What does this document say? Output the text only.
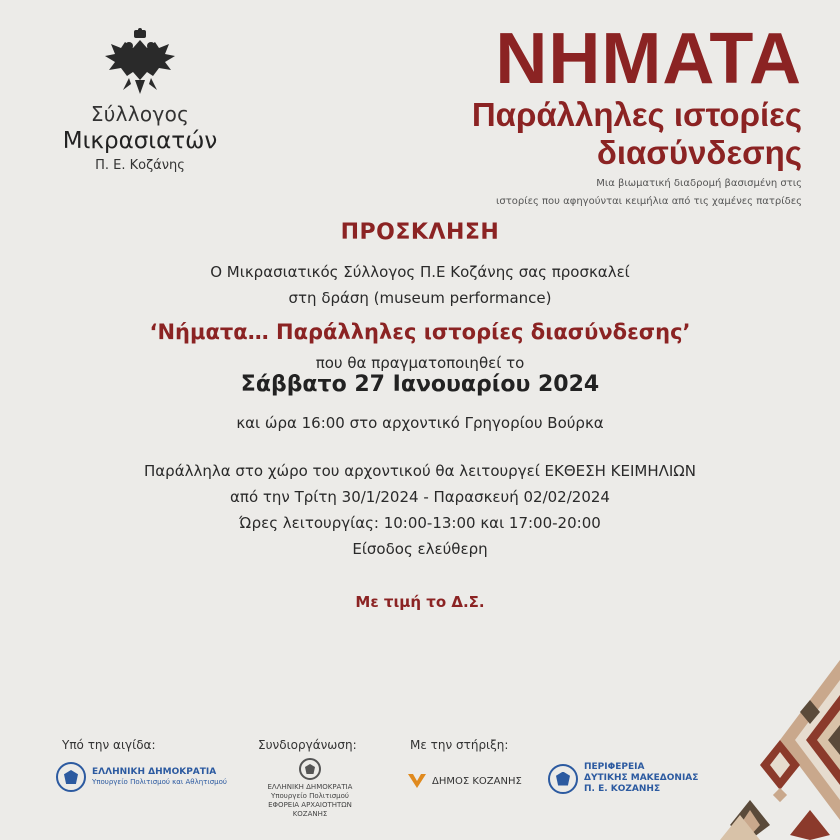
Σύλλογος
Μικρασιατών
Π. Ε. Κοζάνης
ΝΗΜΑΤΑ
Παράλληλες ιστορίες
διασύνδεσης
Μια βιωματική διαδρομή βασισμένη στις
ιστορίες που αφηγούνται κειμήλια από τις χαμένες πατρίδες
ΠΡΟΣΚΛΗΣΗ
Ο Μικρασιατικός Σύλλογος Π.Ε Κοζάνης σας προσκαλεί
στη δράση (museum performance)
‘Νήματα… Παράλληλες ιστορίες διασύνδεσης’
που θα πραγματοποιηθεί το
Σάββατο 27 Ιανουαρίου 2024
και ώρα 16:00 στο αρχοντικό Γρηγορίου Βούρκα
Παράλληλα στο χώρο του αρχοντικού θα λειτουργεί ΕΚΘΕΣΗ ΚΕΙΜΗΛΙΩΝ
από την Τρίτη 30/1/2024 - Παρασκευή 02/02/2024
Ώρες λειτουργίας: 10:00-13:00 και 17:00-20:00
Είσοδος ελεύθερη
Με τιμή το Δ.Σ.
Υπό την αιγίδα:
ΕΛΛΗΝΙΚΗ ΔΗΜΟΚΡΑΤΙΑ
Υπουργείο Πολιτισμού και Αθλητισμού
Συνδιοργάνωση:
ΕΛΛΗΝΙΚΗ ΔΗΜΟΚΡΑΤΙΑ
Υπουργείο Πολιτισμού
ΕΦΟΡΕΙΑ ΑΡΧΑΙΟΤΗΤΩΝ ΚΟΖΑΝΗΣ
Με την στήριξη:
ΔΗΜΟΣ ΚΟΖΑΝΗΣ
ΠΕΡΙΦΕΡΕΙΑ
ΔΥΤΙΚΗΣ ΜΑΚΕΔΟΝΙΑΣ
Π. Ε. ΚΟΖΑΝΗΣ
